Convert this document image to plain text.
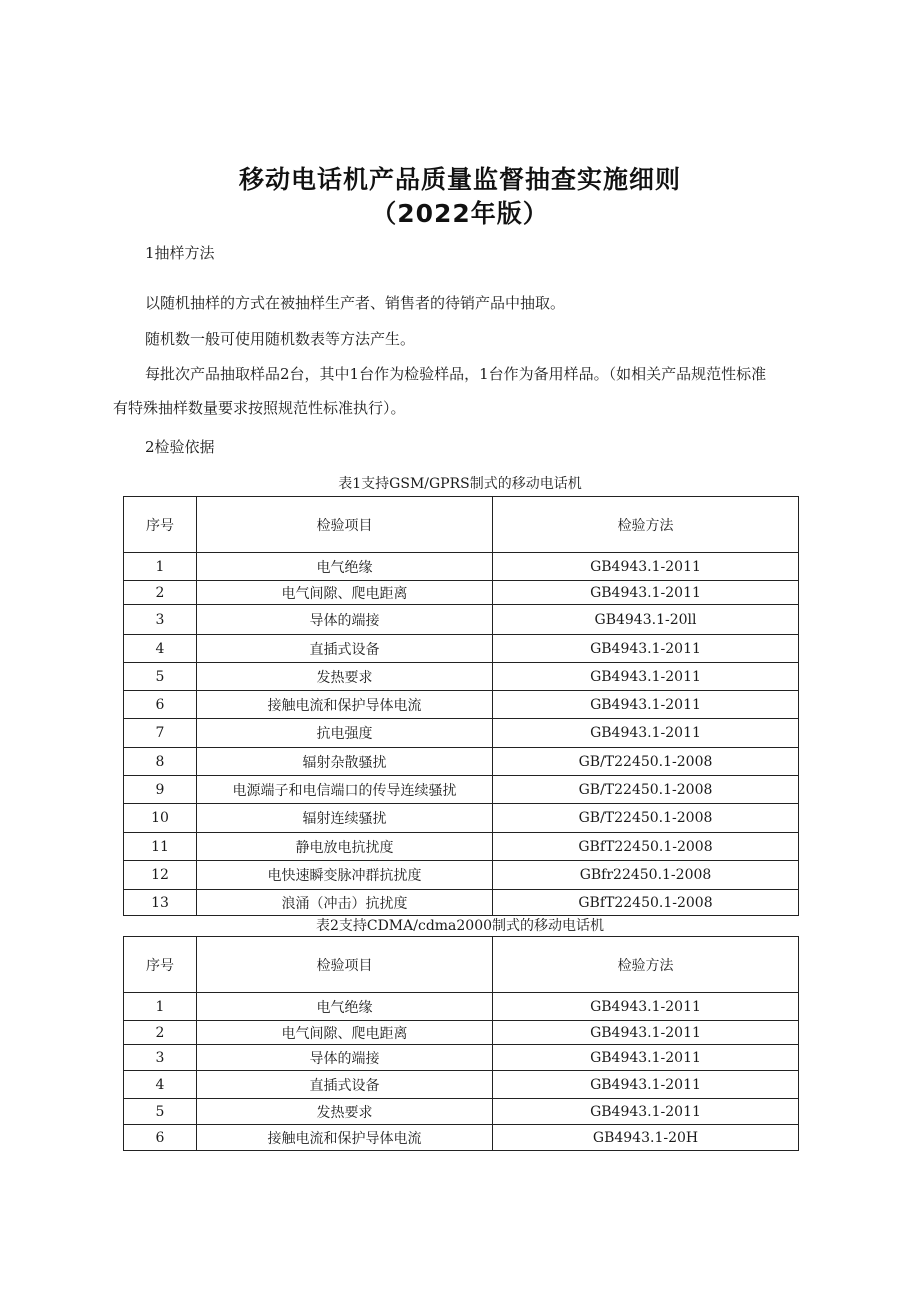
移动电话机产品质量监督抽查实施细则
（2022年版）
1抽样方法
以随机抽样的方式在被抽样生产者、销售者的待销产品中抽取。
随机数一般可使用随机数表等方法产生。
每批次产品抽取样品2台，其中1台作为检验样品，1台作为备用样品。（如相关产品规范性标准
有特殊抽样数量要求按照规范性标准执行）。
2检验依据
表1支持GSM/GPRS制式的移动电话机
序号	检验项目	检验方法
1	电气绝缘	GB4943.1-2011
2	电气间隙、爬电距离	GB4943.1-2011
3	导体的端接	GB4943.1-20ll
4	直插式设备	GB4943.1-2011
5	发热要求	GB4943.1-2011
6	接触电流和保护导体电流	GB4943.1-2011
7	抗电强度	GB4943.1-2011
8	辐射杂散骚扰	GB/T22450.1-2008
9	电源端子和电信端口的传导连续骚扰	GB/T22450.1-2008
10	辐射连续骚扰	GB/T22450.1-2008
11	静电放电抗扰度	GBfT22450.1-2008
12	电快速瞬变脉冲群抗扰度	GBfr22450.1-2008
13	浪涌（冲击）抗扰度	GBfT22450.1-2008
表2支持CDMA/cdma2000制式的移动电话机
序号	检验项目	检验方法
1	电气绝缘	GB4943.1-2011
2	电气间隙、爬电距离	GB4943.1-2011
3	导体的端接	GB4943.1-2011
4	直插式设备	GB4943.1-2011
5	发热要求	GB4943.1-2011
6	接触电流和保护导体电流	GB4943.1-20H
